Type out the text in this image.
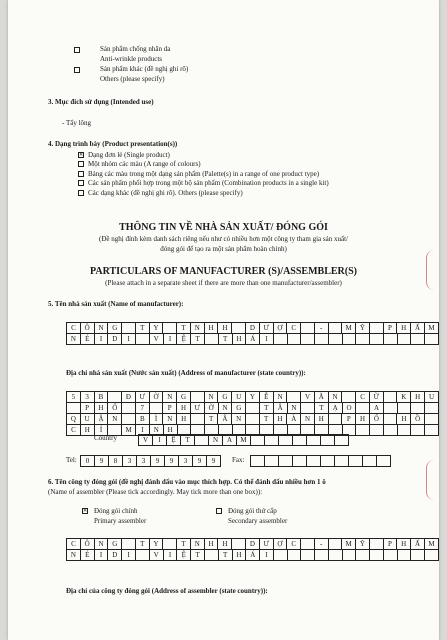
Sản phẩm chống nhăn da
Anti-wrinkle products
Sản phẩm khác (đề nghị ghi rõ)
Others (please specify)
3. Mục đích sử dụng (Intended use)
- Tẩy lông
4. Dạng trình bày (Product presentation(s))
✕
Dạng đơn lẻ (Single product)
Một nhóm các màu (A range of colours)
Bảng các màu trong một dạng sản phẩm (Palette(s) in a range of one product type)
Các sản phẩm phối hợp trong một bộ sản phẩm (Combination products in a single kit)
Các dạng khác (đề nghị ghi rõ). Others (please specify)
THÔNG TIN VỀ NHÀ SẢN XUẤT/ ĐÓNG GÓI
(Đề nghị đính kèm danh sách riêng nếu như có nhiều hơn một công ty tham gia sản xuất/
đóng gói để tạo ra một sản phẩm hoàn chỉnh)
PARTICULARS OF MANUFACTURER (S)/ASSEMBLER(S)
(Please attach in a separate sheet if there are more than one manufacturer/assembler)
5. Tên nhà sản xuất (Name of manufacturer):
C	Ô	N	G		T	Y		T	N	H	H		D	Ư	Ợ	C		-		M	Ỹ		P	H	Ẩ	M
N	É	I	D	I		V	I	Ệ	T		T	H	Á	I												
Địa chỉ nhà sản xuất (Nước sản xuất) (Address of manufacturer (state country)):
5	3	B		Đ	Ư	Ờ	N	G		N	G	U	Y	Ễ	N		V	Ă	N		C	Ừ		K	H	U
	P	H	Ố		7		P	H	Ư	Ờ	N	G		T	Â	N		T	Ạ	O		A				
Q	U	Ậ	N		B	Ì	N	H		T	Â	N		T	H	À	N	H		P	H	Ố		H	Ồ	
C	H	Í		M	I	N	H																			
Country	V	I	Ệ	T		N	A	M							
Tel: 0	9	8	3	3	9	9	3	9	9 Fax:

6. Tên công ty đóng gói (đề nghị đánh dấu vào mục thích hợp. Có thể đánh dấu nhiều hơn 1 ô
(Name of assembler (Please tick accordingly. May tick more than one box)):
✕
Đóng gói chính
Primary assembler
Đóng gói thứ cấp
Secondary assembler
C	Ô	N	G		T	Y		T	N	H	H		D	Ư	Ợ	C		-		M	Ỹ		P	H	Ẩ	M
N	É	I	D	I		V	I	Ệ	T		T	H	Á	I												
Địa chỉ của công ty đóng gói (Address of assembler (state country)):
